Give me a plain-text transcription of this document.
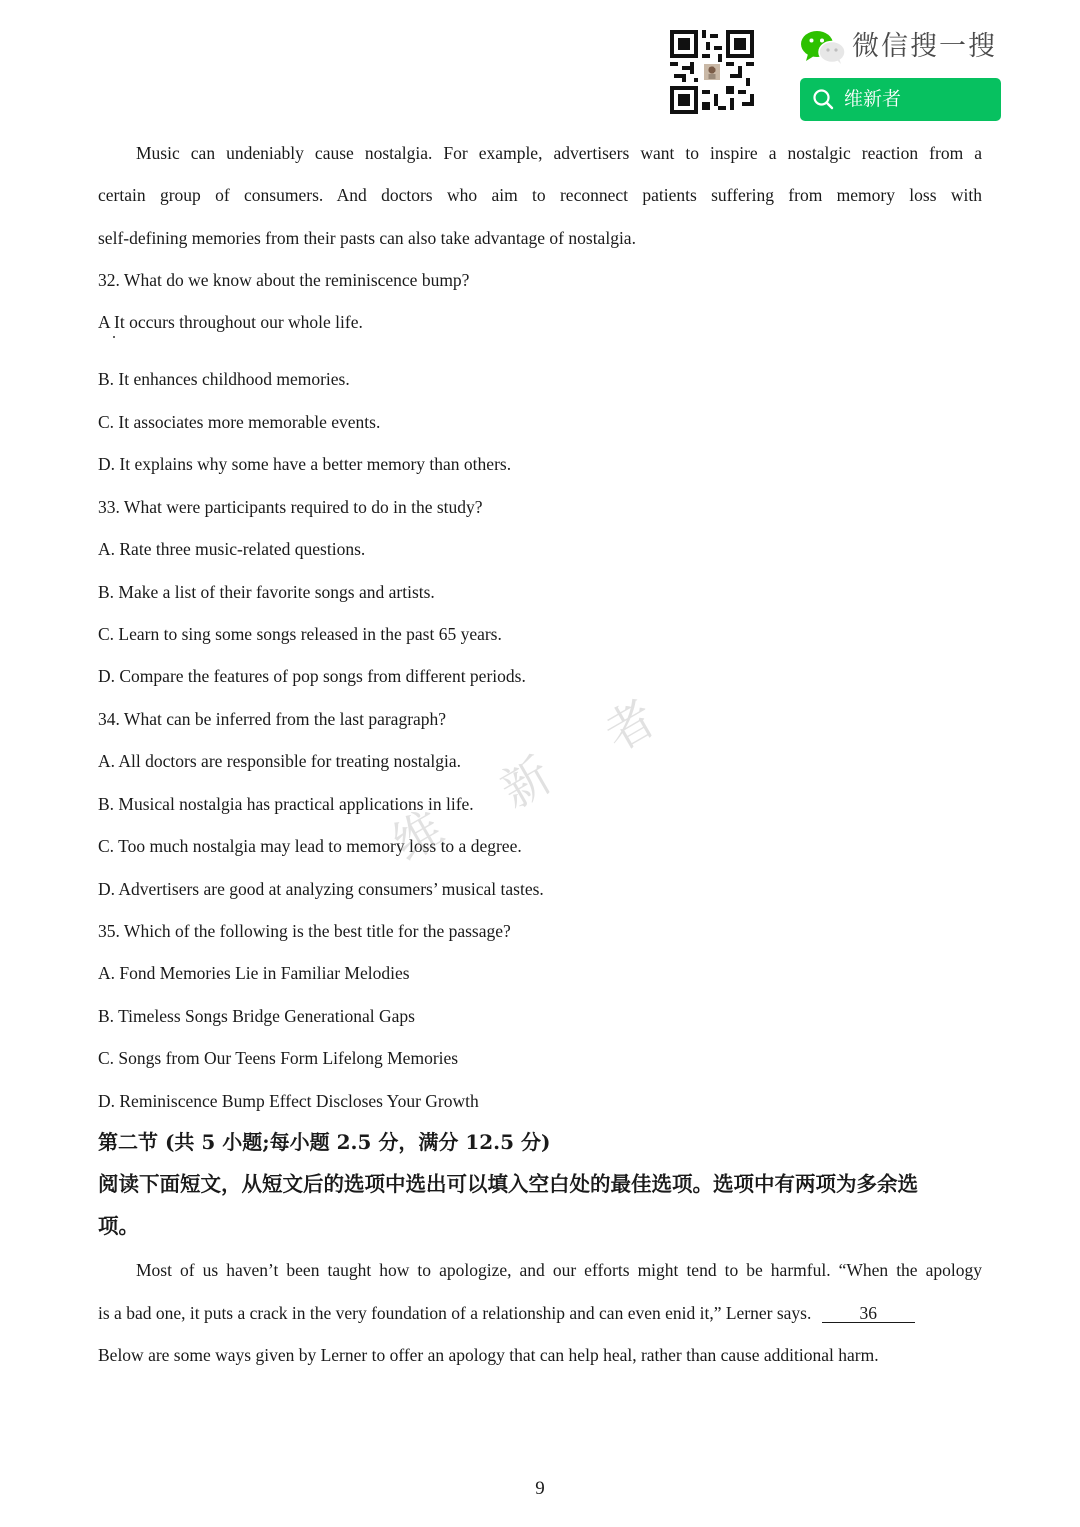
微信搜一搜
维新者
Music can undeniably cause nostalgia. For example, advertisers want to inspire a nostalgic reaction from a
certain group of consumers. And doctors who aim to reconnect patients suffering from memory loss with
self-defining memories from their pasts can also take advantage of nostalgia.
32. What do we know about the reminiscence bump?
A It occurs throughout our whole life.
B. It enhances childhood memories.
C. It associates more memorable events.
D. It explains why some have a better memory than others.
33. What were participants required to do in the study?
A. Rate three music-related questions.
B. Make a list of their favorite songs and artists.
C. Learn to sing some songs released in the past 65 years.
D. Compare the features of pop songs from different periods.
34. What can be inferred from the last paragraph?
A. All doctors are responsible for treating nostalgia.
B. Musical nostalgia has practical applications in life.
C. Too much nostalgia may lead to memory loss to a degree.
D. Advertisers are good at analyzing consumers’ musical tastes.
35. Which of the following is the best title for the passage?
A. Fond Memories Lie in Familiar Melodies
B. Timeless Songs Bridge Generational Gaps
C. Songs from Our Teens Form Lifelong Memories
D. Reminiscence Bump Effect Discloses Your Growth
第二节 (共 5 小题;每小题 2.5 分，满分 12.5 分)
阅读下面短文，从短文后的选项中选出可以填入空白处的最佳选项。选项中有两项为多余选
项。
Most of us haven’t been taught how to apologize, and our efforts might tend to be harmful. “When the apology
is a bad one, it puts a crack in the very foundation of a relationship and can even enid it,” Lerner says.	36
Below are some ways given by Lerner to offer an apology that can help heal, rather than cause additional harm.
维
新
者
9
